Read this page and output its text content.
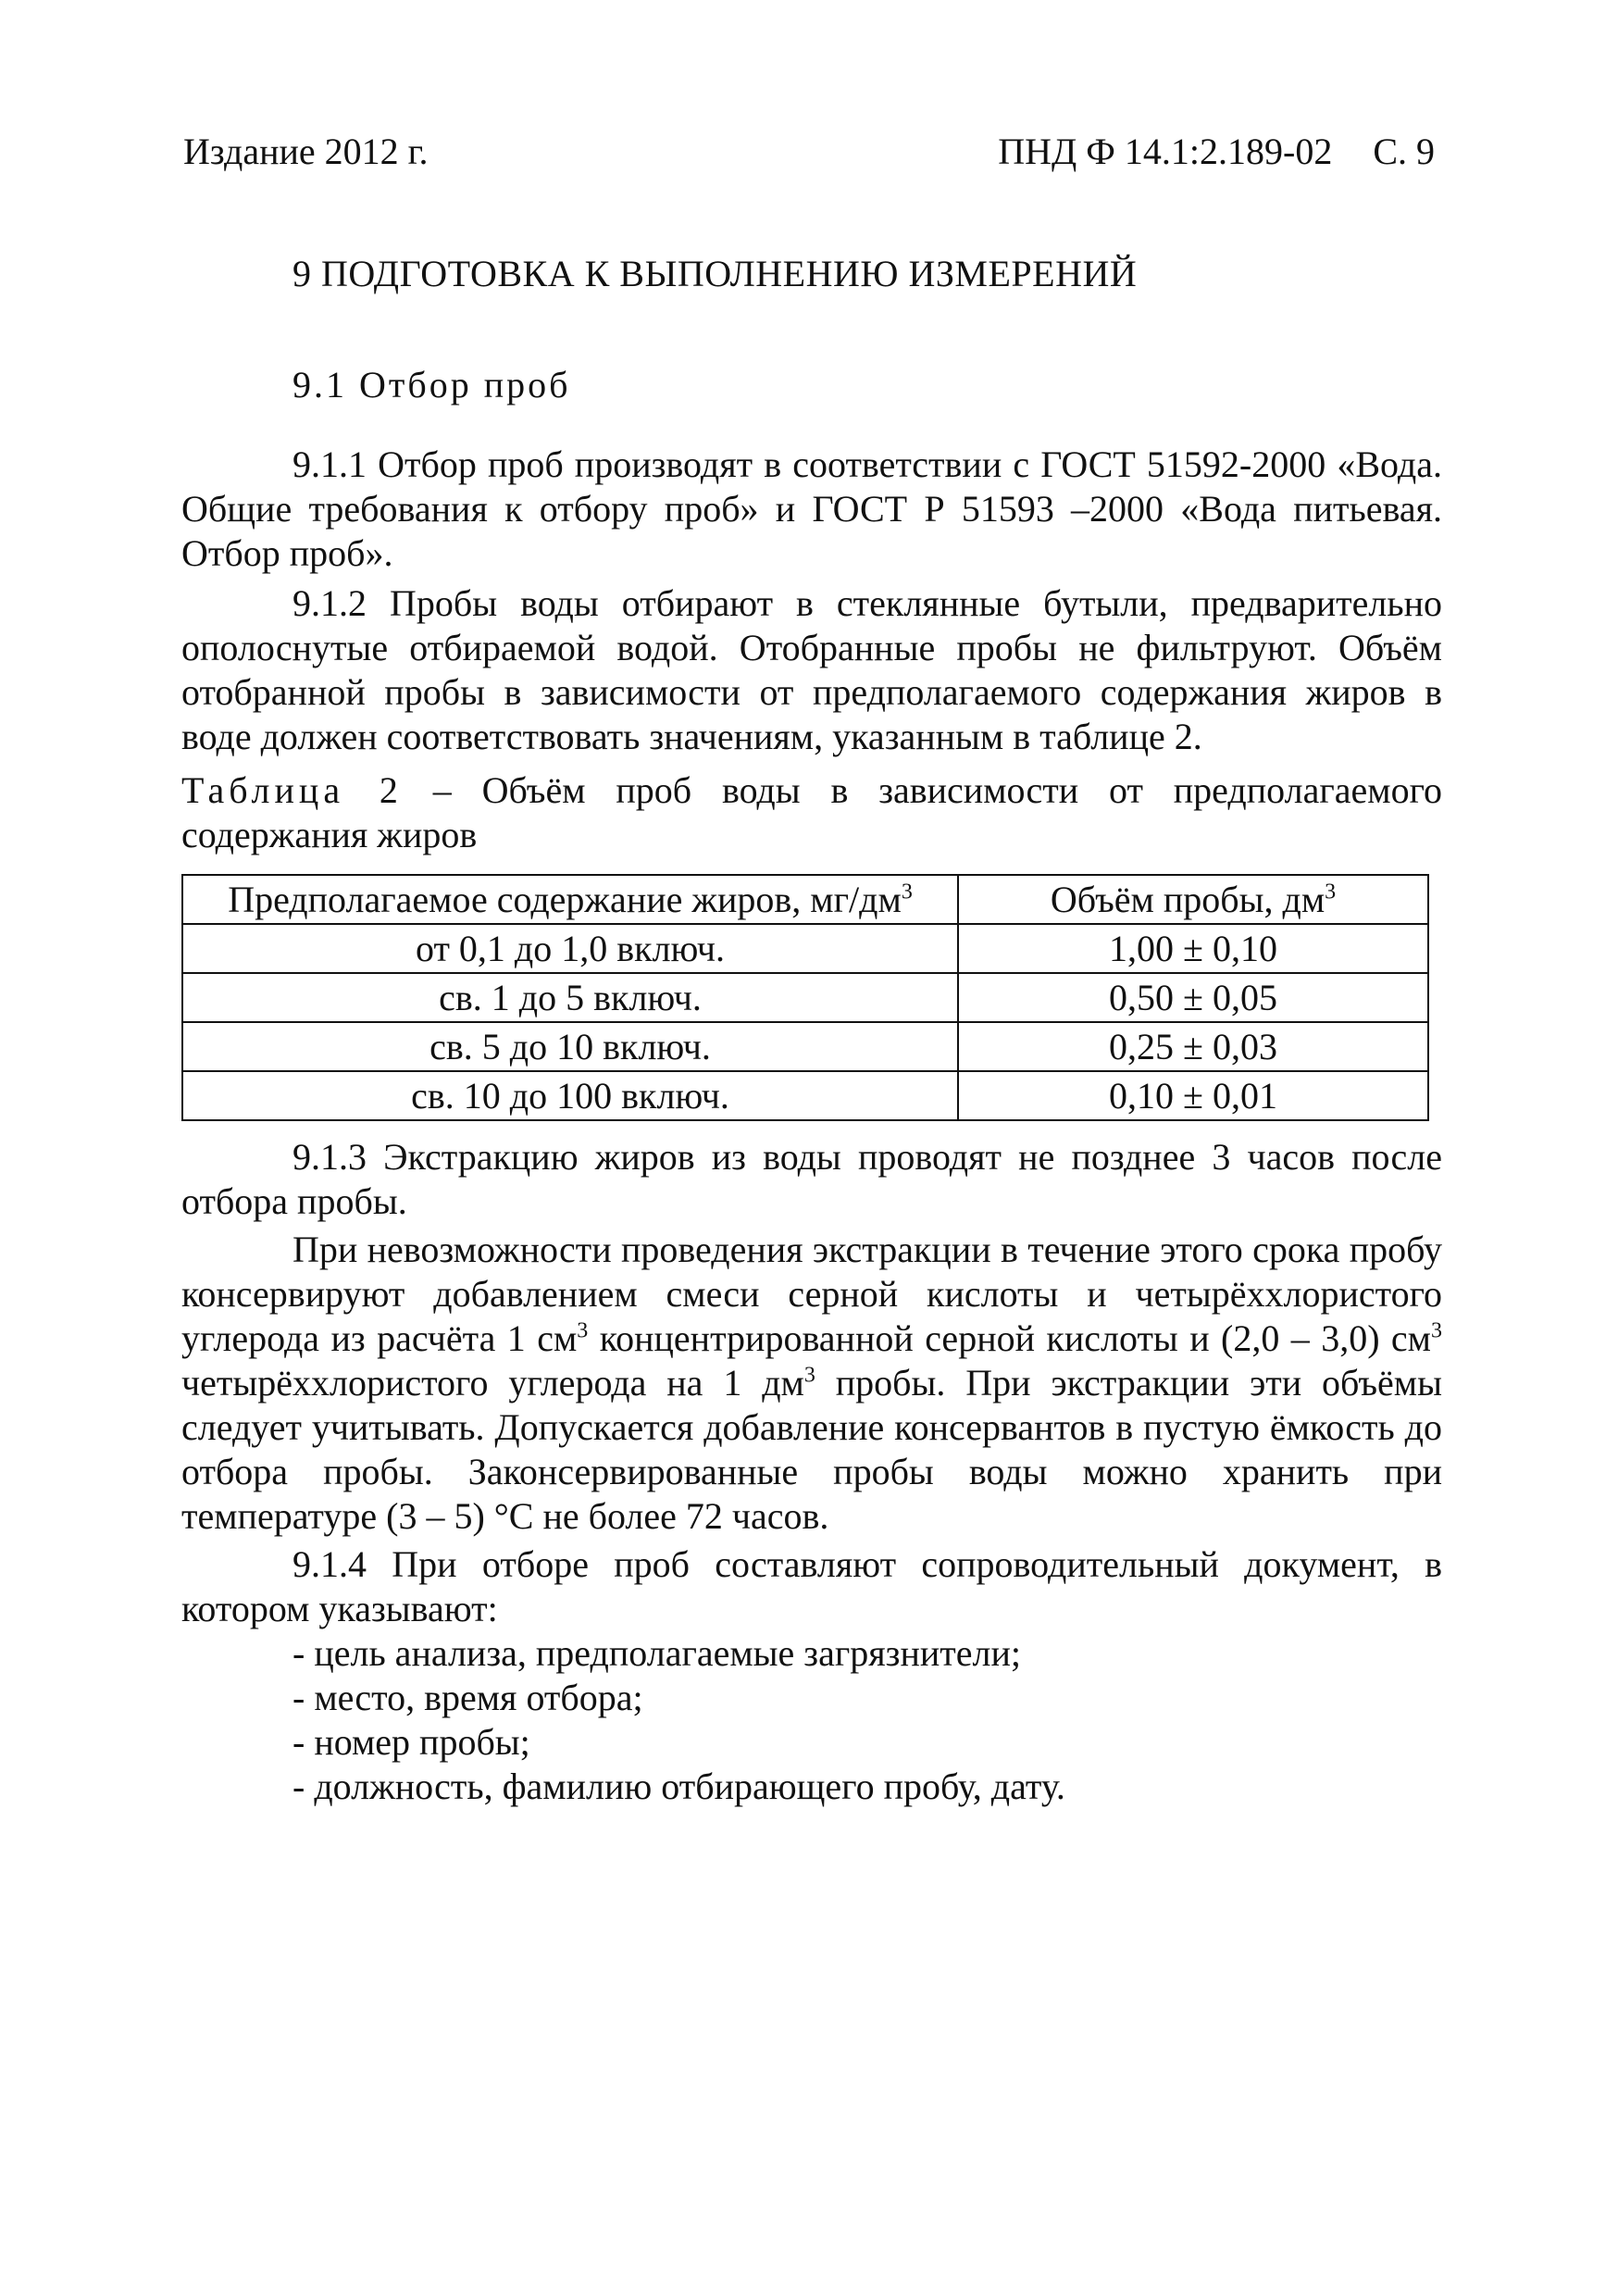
Издание 2012 г.	ПНД Ф 14.1:2.189-02 С. 9
9 ПОДГОТОВКА К ВЫПОЛНЕНИЮ ИЗМЕРЕНИЙ
9.1 Отбор проб
9.1.1 Отбор проб производят в соответствии с ГОСТ 51592-2000 «Вода. Общие требования к отбору проб» и ГОСТ Р 51593 –2000 «Вода питьевая. Отбор проб».
9.1.2 Пробы воды отбирают в стеклянные бутыли, предварительно ополоснутые отбираемой водой. Отобранные пробы не фильтруют. Объём отобранной пробы в зависимости от предполагаемого содержания жиров в воде должен соответствовать значениям, указанным в таблице 2.
Таблица 2 – Объём проб воды в зависимости от предполагаемого содержания жиров
Предполагаемое содержание жиров, $мг/дм^3$	Объём пробы, $дм^3$
от 0,1 до 1,0 включ.	1,00 ± 0,10
св. 1 до 5 включ.	0,50 ± 0,05
св. 5 до 10 включ.	0,25 ± 0,03
св. 10 до 100 включ.	0,10 ± 0,01
9.1.3 Экстракцию жиров из воды проводят не позднее 3 часов после отбора пробы.
При невозможности проведения экстракции в течение этого срока пробу консервируют добавлением смеси серной кислоты и четырёххлористого углерода из расчёта 1 $см^3$ концентрированной серной кислоты и (2,0 – 3,0) $см^3$ четырёххлористого углерода на 1 $дм^3$ пробы. При экстракции эти объёмы следует учитывать. Допускается добавление консервантов в пустую ёмкость до отбора пробы. Законсервированные пробы воды можно хранить при температуре (3 – 5) °С не более 72 часов.
9.1.4 При отборе проб составляют сопроводительный документ, в котором указывают:
- цель анализа, предполагаемые загрязнители;
- место, время отбора;
- номер пробы;
- должность, фамилию отбирающего пробу, дату.
